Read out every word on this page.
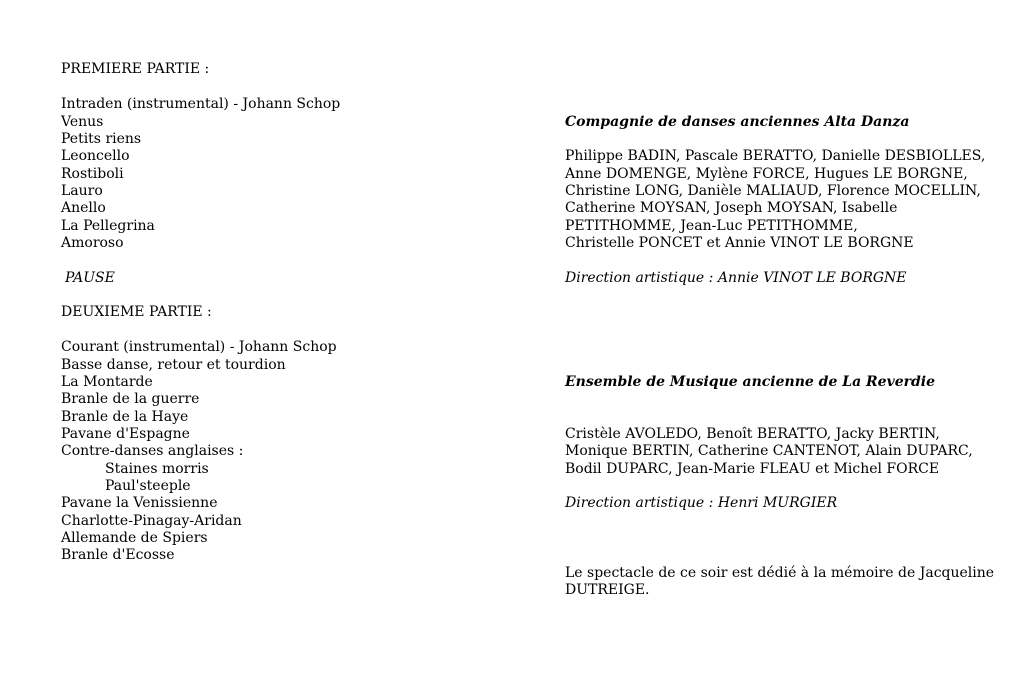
PREMIERE PARTIE :
Intraden (instrumental) - Johann Schop
Venus
Petits riens
Leoncello
Rostiboli
Lauro
Anello
La Pellegrina
Amoroso
PAUSE
DEUXIEME PARTIE :
Courant (instrumental) - Johann Schop
Basse danse, retour et tourdion
La Montarde
Branle de la guerre
Branle de la Haye
Pavane d'Espagne
Contre-danses anglaises :
Staines morris
Paul'steeple
Pavane la Venissienne
Charlotte-Pinagay-Aridan
Allemande de Spiers
Branle d'Ecosse
Compagnie de danses anciennes Alta Danza
Philippe BADIN, Pascale BERATTO, Danielle DESBIOLLES,
Anne DOMENGE, Mylène FORCE, Hugues LE BORGNE,
Christine LONG, Danièle MALIAUD, Florence MOCELLIN,
Catherine MOYSAN, Joseph MOYSAN, Isabelle
PETITHOMME, Jean-Luc PETITHOMME,
Christelle PONCET et Annie VINOT LE BORGNE
Direction artistique : Annie VINOT LE BORGNE
Ensemble de Musique ancienne de La Reverdie
Cristèle AVOLEDO, Benoît BERATTO, Jacky BERTIN,
Monique BERTIN, Catherine CANTENOT, Alain DUPARC,
Bodil DUPARC, Jean-Marie FLEAU et Michel FORCE
Direction artistique : Henri MURGIER
Le spectacle de ce soir est dédié à la mémoire de Jacqueline
DUTREIGE.
